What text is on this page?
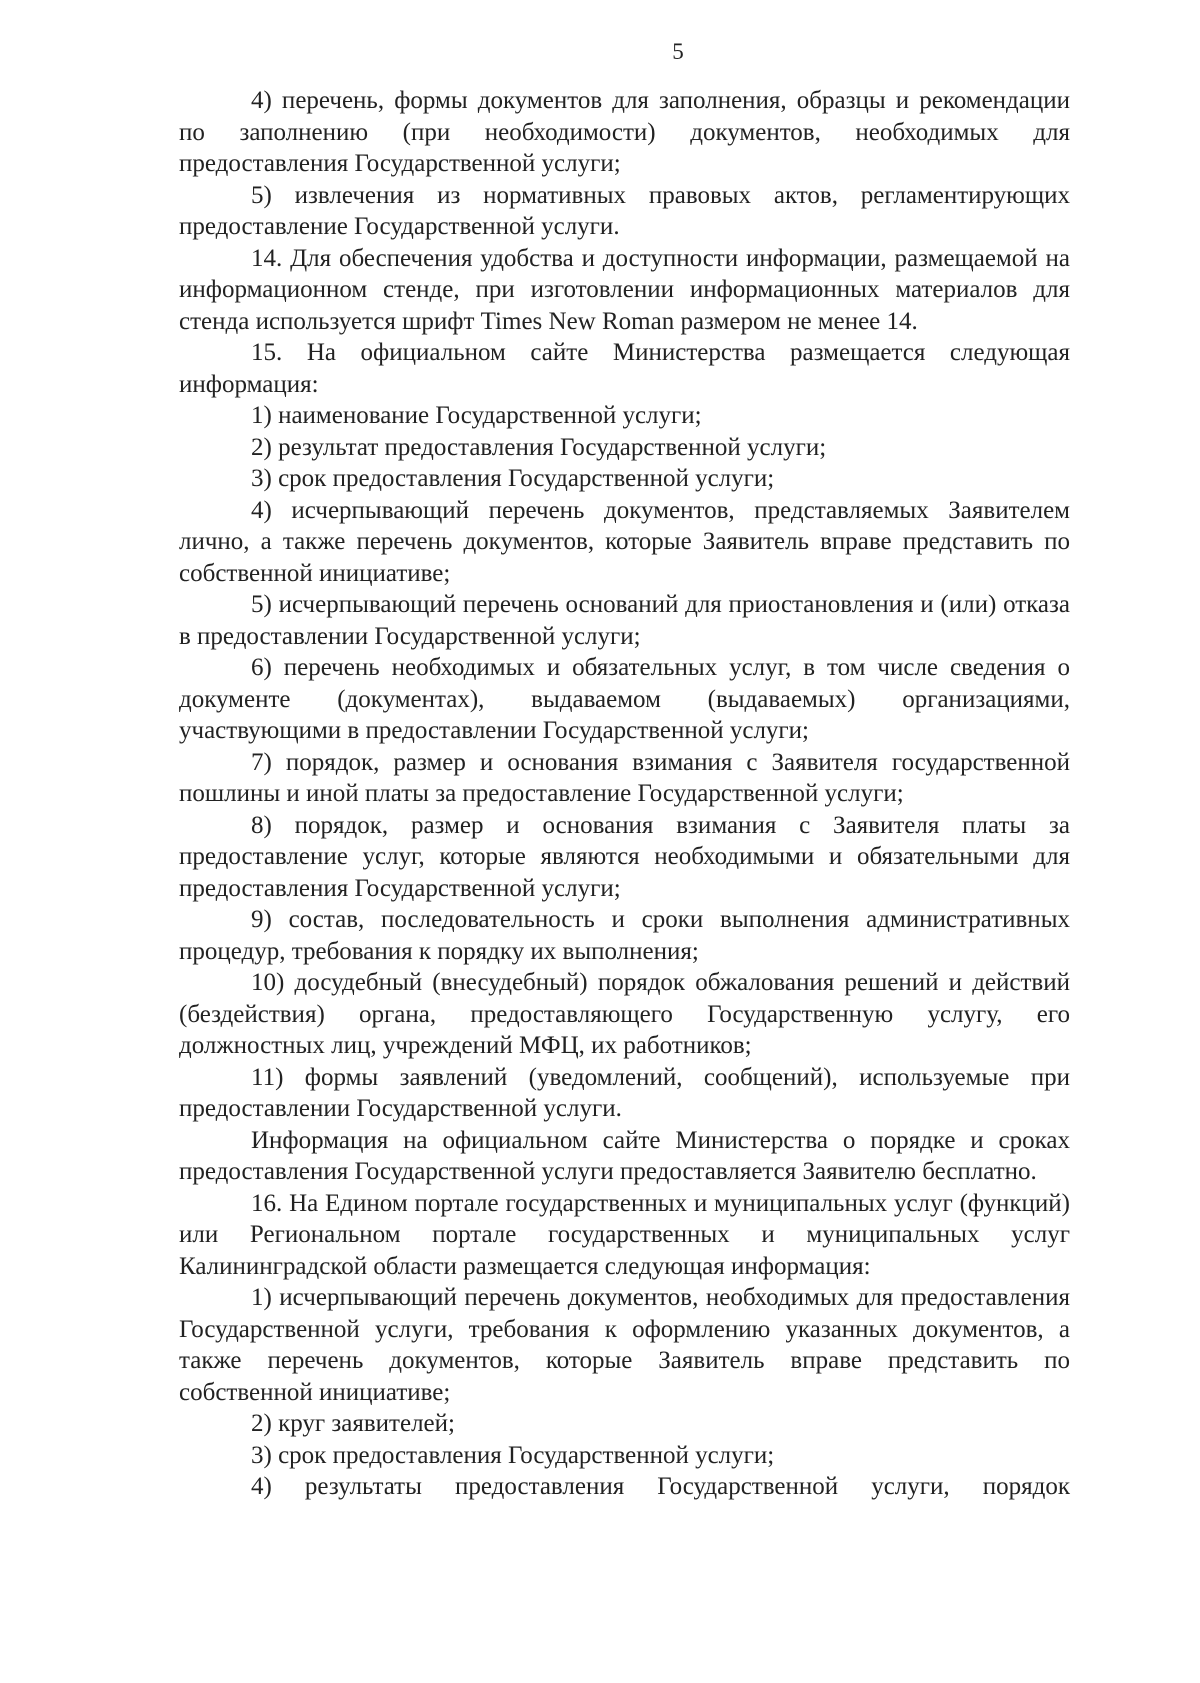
5

4) перечень, формы документов для заполнения, образцы и рекомендации по заполнению (при необходимости) документов, необходимых для предоставления Государственной услуги;

5) извлечения из нормативных правовых актов, регламентирующих предоставление Государственной услуги.

14. Для обеспечения удобства и доступности информации, размещаемой на информационном стенде, при изготовлении информационных материалов для стенда используется шрифт Times New Roman размером не менее 14.

15. На официальном сайте Министерства размещается следующая информация:

1) наименование Государственной услуги;

2) результат предоставления Государственной услуги;

3) срок предоставления Государственной услуги;

4) исчерпывающий перечень документов, представляемых Заявителем лично, а также перечень документов, которые Заявитель вправе представить по собственной инициативе;

5) исчерпывающий перечень оснований для приостановления и (или) отказа в предоставлении Государственной услуги;

6) перечень необходимых и обязательных услуг, в том числе сведения о документе (документах), выдаваемом (выдаваемых) организациями, участвующими в предоставлении Государственной услуги;

7) порядок, размер и основания взимания с Заявителя государственной пошлины и иной платы за предоставление Государственной услуги;

8) порядок, размер и основания взимания с Заявителя платы за предоставление услуг, которые являются необходимыми и обязательными для предоставления Государственной услуги;

9) состав, последовательность и сроки выполнения административных процедур, требования к порядку их выполнения;

10) досудебный (внесудебный) порядок обжалования решений и действий (бездействия) органа, предоставляющего Государственную услугу, его должностных лиц, учреждений МФЦ, их работников;

11) формы заявлений (уведомлений, сообщений), используемые при предоставлении Государственной услуги.

Информация на официальном сайте Министерства о порядке и сроках предоставления Государственной услуги предоставляется Заявителю бесплатно.

16. На Едином портале государственных и муниципальных услуг (функций) или Региональном портале государственных и муниципальных услуг Калининградской области размещается следующая информация:

1) исчерпывающий перечень документов, необходимых для предоставления Государственной услуги, требования к оформлению указанных документов, а также перечень документов, которые Заявитель вправе представить по собственной инициативе;

2) круг заявителей;

3) срок предоставления Государственной услуги;

4) результаты предоставления Государственной услуги, порядок
